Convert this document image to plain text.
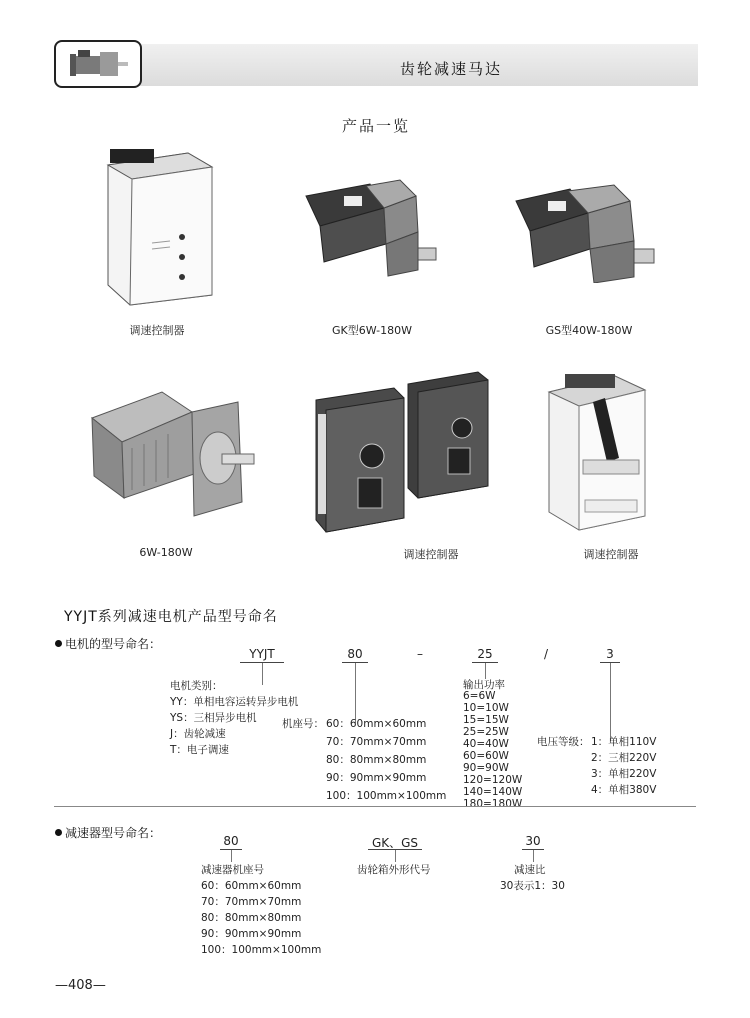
齿轮减速马达
产品一览
调速控制器	GK型6W-180W	GS型40W-180W
6W-180W	调速控制器	调速控制器
YYJT系列减速电机产品型号命名
电机的型号命名：
YYJT	80	–	25	/	3
电机类别：
YY：单相电容运转异步电机
YS：三相异步电机
J：齿轮减速
T：电子调速
机座号： 60：60mm×60mm
70：70mm×70mm
80：80mm×80mm
90：90mm×90mm
100：100mm×100mm
输出功率
6=6W
10=10W
15=15W
25=25W
40=40W
60=60W
90=90W
120=120W
140=140W
180=180W
电压等级： 1：单相110V
2：三相220V
3：单相220V
4：单相380V
减速器型号命名：
80	GK、GS	30
减速器机座号
60：60mm×60mm
70：70mm×70mm
80：80mm×80mm
90：90mm×90mm
100：100mm×100mm
齿轮箱外形代号	减速比
30表示1：30
—408—
